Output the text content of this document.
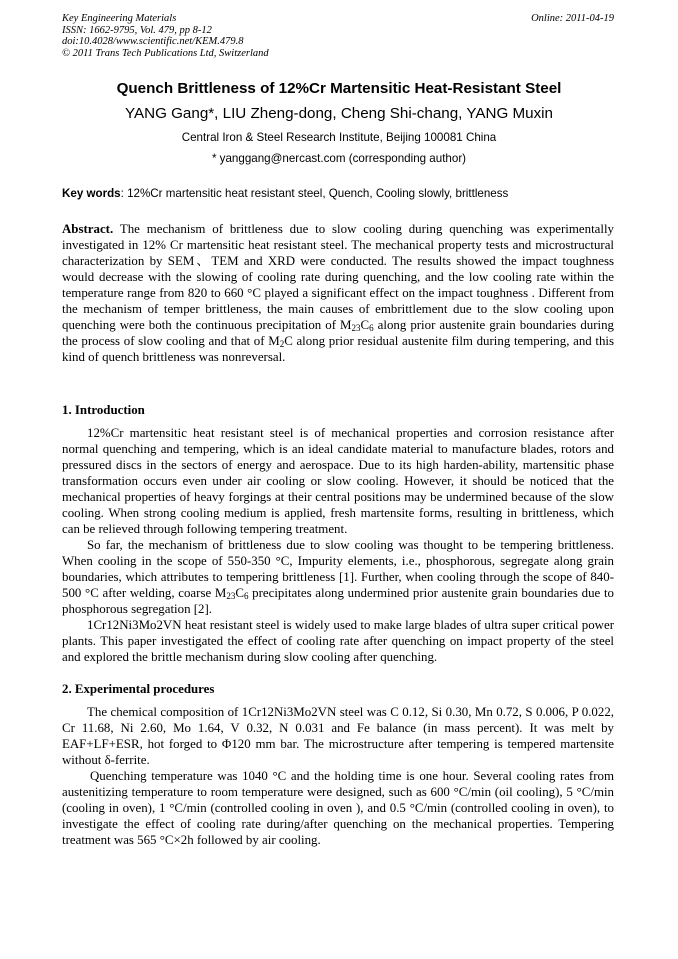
Key Engineering Materials
ISSN: 1662-9795, Vol. 479, pp 8-12
doi:10.4028/www.scientific.net/KEM.479.8
© 2011 Trans Tech Publications Ltd, Switzerland
Online: 2011-04-19
Quench Brittleness of 12%Cr Martensitic Heat-Resistant Steel
YANG Gang*, LIU Zheng-dong, Cheng Shi-chang, YANG Muxin
Central Iron & Steel Research Institute, Beijing 100081 China
* yanggang@nercast.com (corresponding author)
Key words: 12%Cr martensitic heat resistant steel, Quench, Cooling slowly, brittleness
Abstract. The mechanism of brittleness due to slow cooling during quenching was experimentally investigated in 12% Cr martensitic heat resistant steel. The mechanical property tests and microstructural characterization by SEM、TEM and XRD were conducted. The results showed the impact toughness would decrease with the slowing of cooling rate during quenching, and the low cooling rate within the temperature range from 820 to 660 °C played a significant effect on the impact toughness . Different from the mechanism of temper brittleness, the main causes of embrittlement due to the slow cooling upon quenching were both the continuous precipitation of $M_{23}C_6$ along prior austenite grain boundaries during the process of slow cooling and that of $M_2C$ along prior residual austenite film during tempering, and this kind of quench brittleness was nonreversal.
1. Introduction

12%Cr martensitic heat resistant steel is of mechanical properties and corrosion resistance after normal quenching and tempering, which is an ideal candidate material to manufacture blades, rotors and pressured discs in the sectors of energy and aerospace. Due to its high harden-ability, martensitic phase transformation occurs even under air cooling or slow cooling. However, it should be noticed that the mechanical properties of heavy forgings at their central positions may be undermined because of the slow cooling. When strong cooling medium is applied, fresh martensite forms, resulting in brittleness, which can be relieved through following tempering treatment.

So far, the mechanism of brittleness due to slow cooling was thought to be tempering brittleness. When cooling in the scope of 550-350 °C, Impurity elements, i.e., phosphorous, segregate along grain boundaries, which attributes to tempering brittleness [1]. Further, when cooling through the scope of 840-500 °C after welding, coarse $M_{23}C_6$ precipitates along undermined prior austenite grain boundaries due to phosphorous segregation [2].

1Cr12Ni3Mo2VN heat resistant steel is widely used to make large blades of ultra super critical power plants. This paper investigated the effect of cooling rate after quenching on impact property of the steel and explored the brittle mechanism during slow cooling after quenching.

2. Experimental procedures

The chemical composition of 1Cr12Ni3Mo2VN steel was C 0.12, Si 0.30, Mn 0.72, S 0.006, P 0.022, Cr 11.68, Ni 2.60, Mo 1.64, V 0.32, N 0.031 and Fe balance (in mass percent). It was melt by EAF+LF+ESR, hot forged to Φ120 mm bar. The microstructure after tempering is tempered martensite without δ-ferrite.

Quenching temperature was 1040 °C and the holding time is one hour. Several cooling rates from austenitizing temperature to room temperature were designed, such as 600 °C/min (oil cooling), 5 °C/min (cooling in oven), 1 °C/min (controlled cooling in oven ), and 0.5 °C/min (controlled cooling in oven), to investigate the effect of cooling rate during/after quenching on the mechanical properties. Tempering treatment was 565 °C×2h followed by air cooling.
